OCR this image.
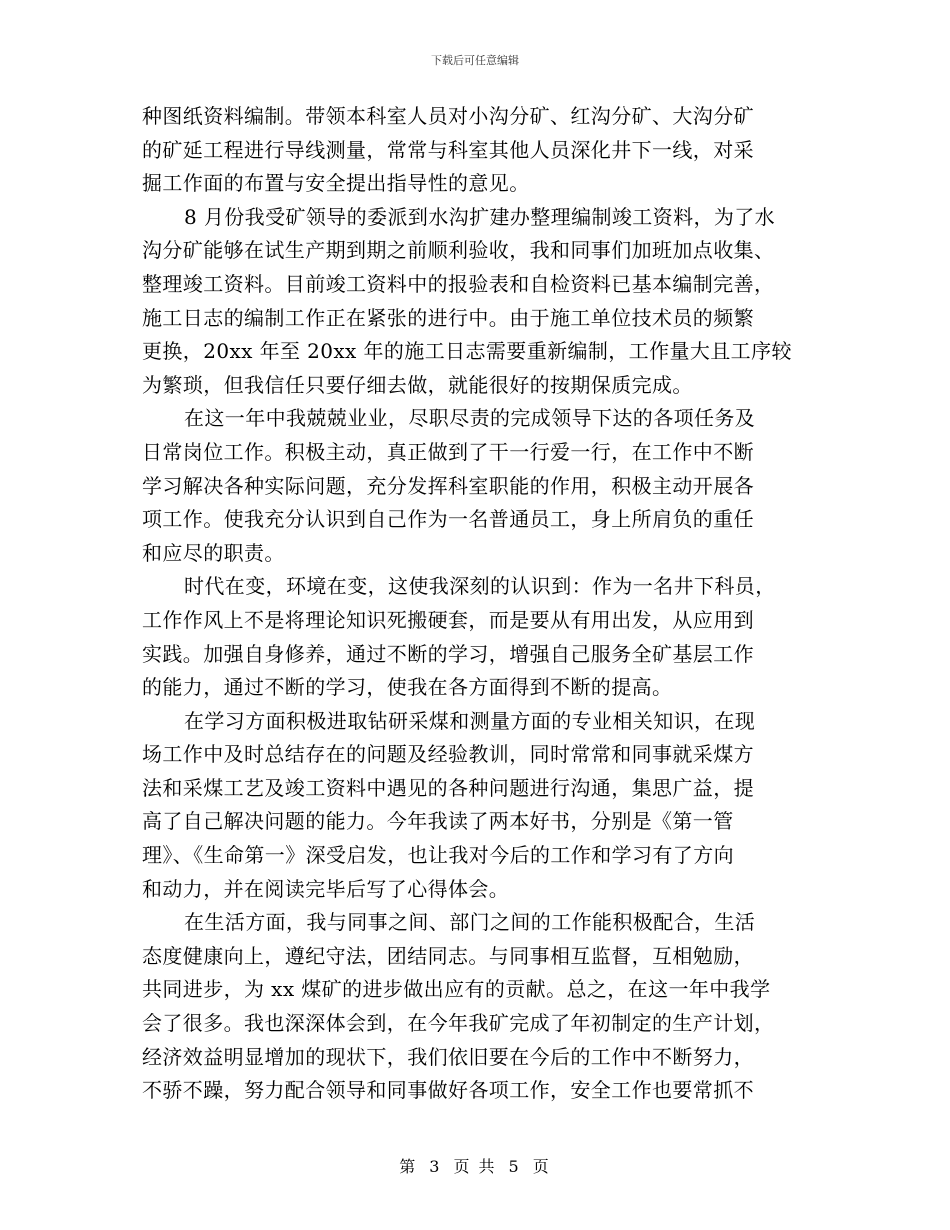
下载后可任意编辑
种图纸资料编制。带领本科室人员对小沟分矿、红沟分矿、大沟分矿
的矿延工程进行导线测量，常常与科室其他人员深化井下一线，对采
掘工作面的布置与安全提出指导性的意见。
8 月份我受矿领导的委派到水沟扩建办整理编制竣工资料，为了水
沟分矿能够在试生产期到期之前顺利验收，我和同事们加班加点收集、
整理竣工资料。目前竣工资料中的报验表和自检资料已基本编制完善，
施工日志的编制工作正在紧张的进行中。由于施工单位技术员的频繁
更换，20xx 年至 20xx 年的施工日志需要重新编制，工作量大且工序较
为繁琐，但我信任只要仔细去做，就能很好的按期保质完成。
在这一年中我兢兢业业，尽职尽责的完成领导下达的各项任务及
日常岗位工作。积极主动，真正做到了干一行爱一行，在工作中不断
学习解决各种实际问题，充分发挥科室职能的作用，积极主动开展各
项工作。使我充分认识到自己作为一名普通员工，身上所肩负的重任
和应尽的职责。
时代在变，环境在变，这使我深刻的认识到：作为一名井下科员，
工作作风上不是将理论知识死搬硬套，而是要从有用出发，从应用到
实践。加强自身修养，通过不断的学习，增强自己服务全矿基层工作
的能力，通过不断的学习，使我在各方面得到不断的提高。
在学习方面积极进取钻研采煤和测量方面的专业相关知识，在现
场工作中及时总结存在的问题及经验教训，同时常常和同事就采煤方
法和采煤工艺及竣工资料中遇见的各种问题进行沟通，集思广益，提
高了自己解决问题的能力。今年我读了两本好书，分别是《第一管
理》、《生命第一》深受启发，也让我对今后的工作和学习有了方向
和动力，并在阅读完毕后写了心得体会。
在生活方面，我与同事之间、部门之间的工作能积极配合，生活
态度健康向上，遵纪守法，团结同志。与同事相互监督，互相勉励，
共同进步，为 xx 煤矿的进步做出应有的贡献。总之，在这一年中我学
会了很多。我也深深体会到，在今年我矿完成了年初制定的生产计划，
经济效益明显增加的现状下，我们依旧要在今后的工作中不断努力，
不骄不躁，努力配合领导和同事做好各项工作，安全工作也要常抓不
第 3 页 共 5 页
